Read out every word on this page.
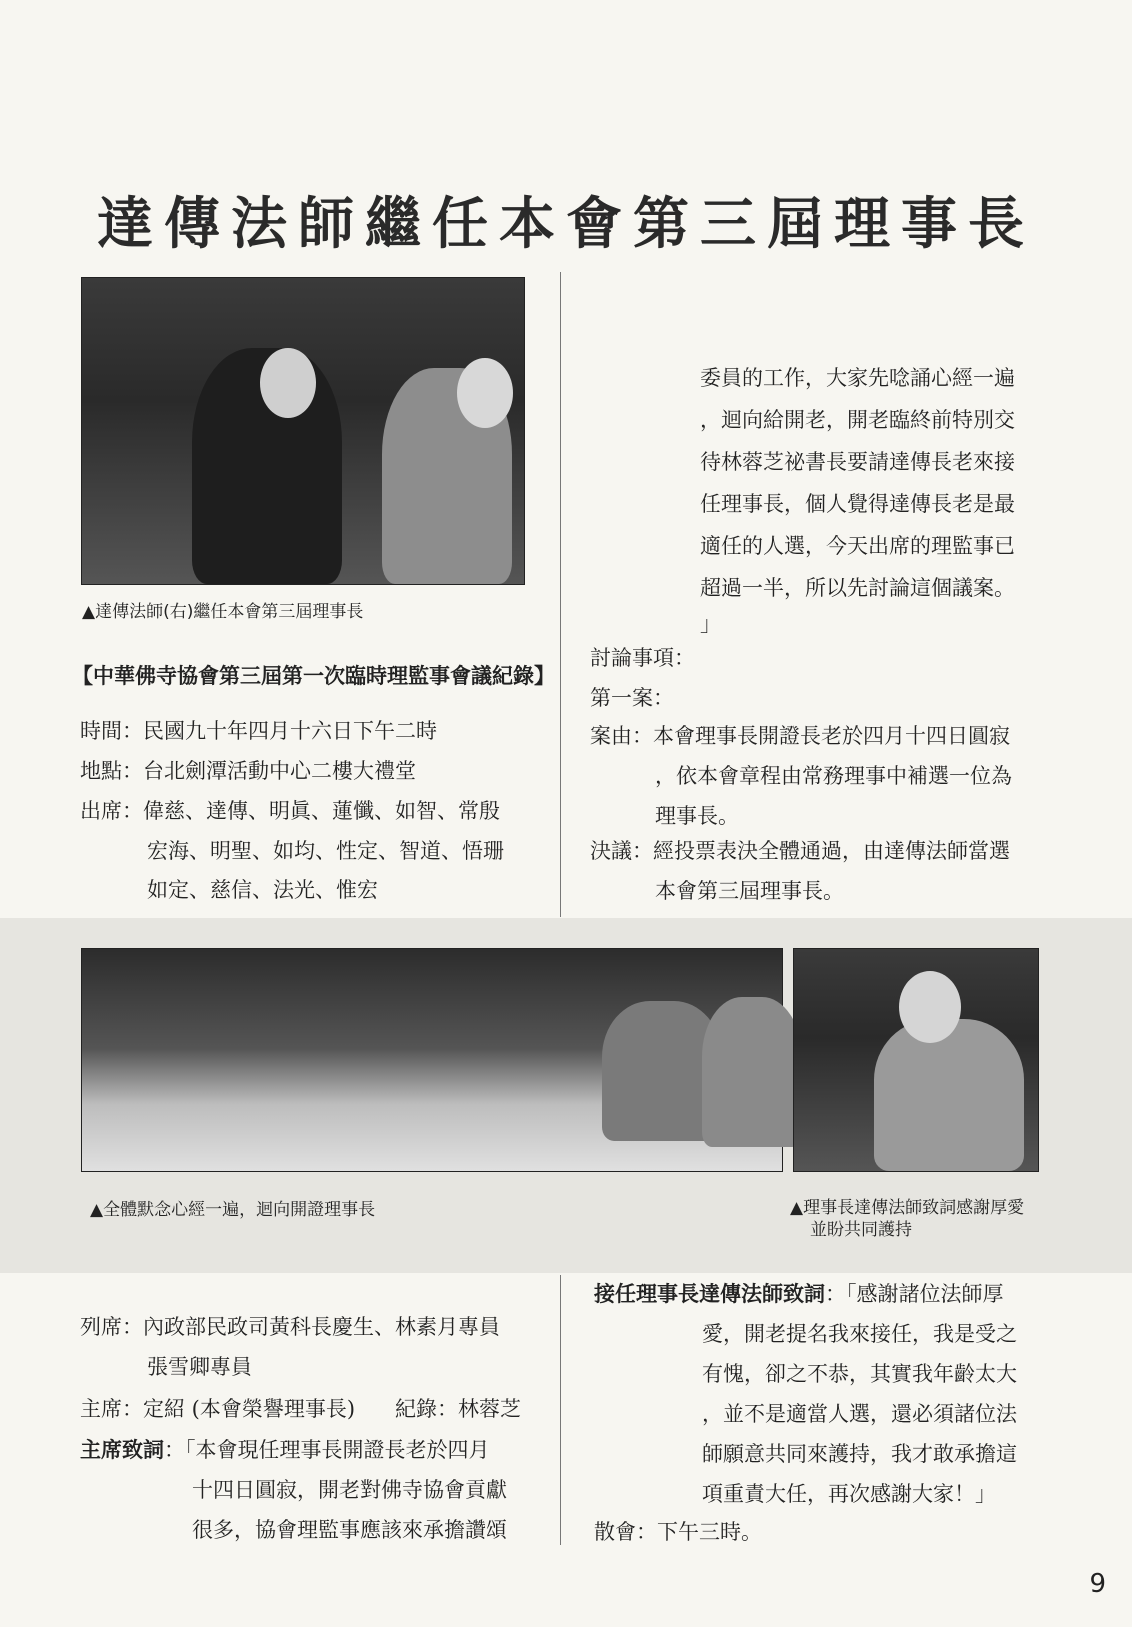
達傳法師繼任本會第三屆理事長
▲達傳法師(右)繼任本會第三屆理事長
【中華佛寺協會第三屆第一次臨時理監事會議紀錄】
時間：民國九十年四月十六日下午二時
地點：台北劍潭活動中心二樓大禮堂
出席：偉慈、達傳、明眞、蓮懺、如智、常殷
宏海、明聖、如均、性定、智道、悟珊
如定、慈信、法光、惟宏
委員的工作，大家先唸誦心經一遍
，迴向給開老，開老臨終前特別交
待林蓉芝祕書長要請達傳長老來接
任理事長，個人覺得達傳長老是最
適任的人選，今天出席的理監事已
超過一半，所以先討論這個議案。
」
討論事項：
第一案：
案由：本會理事長開證長老於四月十四日圓寂
，依本會章程由常務理事中補選一位為
理事長。
決議：經投票表決全體通過，由達傳法師當選
本會第三屆理事長。
▲全體默念心經一遍，迴向開證理事長	▲理事長達傳法師致詞感謝厚愛
並盼共同護持
列席：內政部民政司黃科長慶生、林素月專員
張雪卿專員
主席：定紹 (本會榮譽理事長) 紀錄：林蓉芝
主席致詞：「本會現任理事長開證長老於四月
十四日圓寂，開老對佛寺協會貢獻
很多，協會理監事應該來承擔讚頌
接任理事長達傳法師致詞：「感謝諸位法師厚
愛，開老提名我來接任，我是受之
有愧，卻之不恭，其實我年齡太大
，並不是適當人選，還必須諸位法
師願意共同來護持，我才敢承擔這
項重責大任，再次感謝大家！」
散會：下午三時。
9
